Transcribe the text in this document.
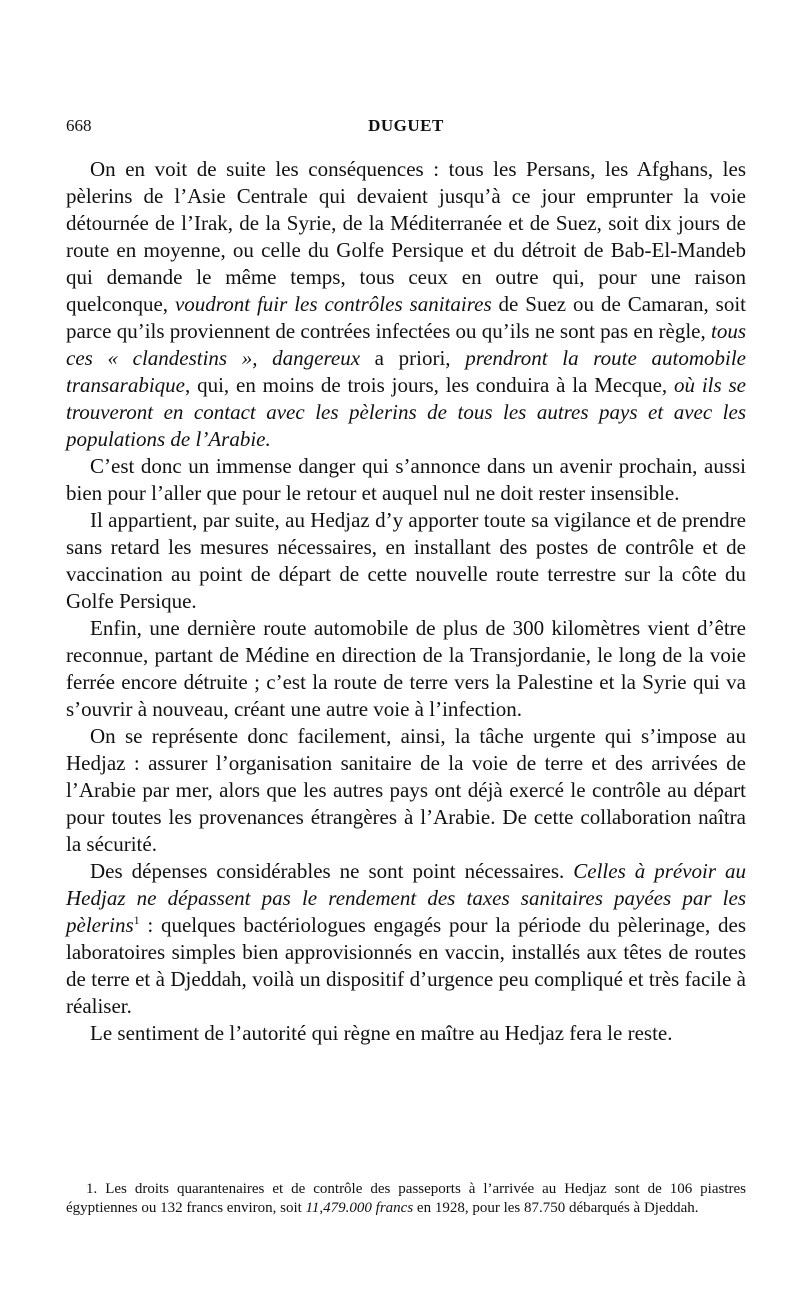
668	DUGUET

On en voit de suite les conséquences : tous les Persans, les Afghans, les pèlerins de l’Asie Centrale qui devaient jusqu’à ce jour emprunter la voie détournée de l’Irak, de la Syrie, de la Méditerranée et de Suez, soit dix jours de route en moyenne, ou celle du Golfe Persique et du détroit de Bab-El-Mandeb qui demande le même temps, tous ceux en outre qui, pour une raison quelconque, voudront fuir les contrôles sanitaires de Suez ou de Camaran, soit parce qu’ils proviennent de contrées infectées ou qu’ils ne sont pas en règle, tous ces « clandestins », dangereux a priori, prendront la route automobile transarabique, qui, en moins de trois jours, les conduira à la Mecque, où ils se trouveront en contact avec les pèlerins de tous les autres pays et avec les populations de l’Arabie.

C’est donc un immense danger qui s’annonce dans un avenir prochain, aussi bien pour l’aller que pour le retour et auquel nul ne doit rester insensible.

Il appartient, par suite, au Hedjaz d’y apporter toute sa vigilance et de prendre sans retard les mesures nécessaires, en installant des postes de contrôle et de vaccination au point de départ de cette nouvelle route terrestre sur la côte du Golfe Persique.

Enfin, une dernière route automobile de plus de 300 kilomètres vient d’être reconnue, partant de Médine en direction de la Transjordanie, le long de la voie ferrée encore détruite ; c’est la route de terre vers la Palestine et la Syrie qui va s’ouvrir à nouveau, créant une autre voie à l’infection.

On se représente donc facilement, ainsi, la tâche urgente qui s’impose au Hedjaz : assurer l’organisation sanitaire de la voie de terre et des arrivées de l’Arabie par mer, alors que les autres pays ont déjà exercé le contrôle au départ pour toutes les provenances étrangères à l’Arabie. De cette collaboration naîtra la sécurité.

Des dépenses considérables ne sont point nécessaires. Celles à prévoir au Hedjaz ne dépassent pas le rendement des taxes sanitaires payées par les pèlerins$^1$ : quelques bactériologues engagés pour la période du pèlerinage, des laboratoires simples bien approvisionnés en vaccin, installés aux têtes de routes de terre et à Djeddah, voilà un dispositif d’urgence peu compliqué et très facile à réaliser.

Le sentiment de l’autorité qui règne en maître au Hedjaz fera le reste.

1. Les droits quarantenaires et de contrôle des passeports à l’arrivée au Hedjaz sont de 106 piastres égyptiennes ou 132 francs environ, soit 11,479.000 francs en 1928, pour les 87.750 débarqués à Djeddah.
